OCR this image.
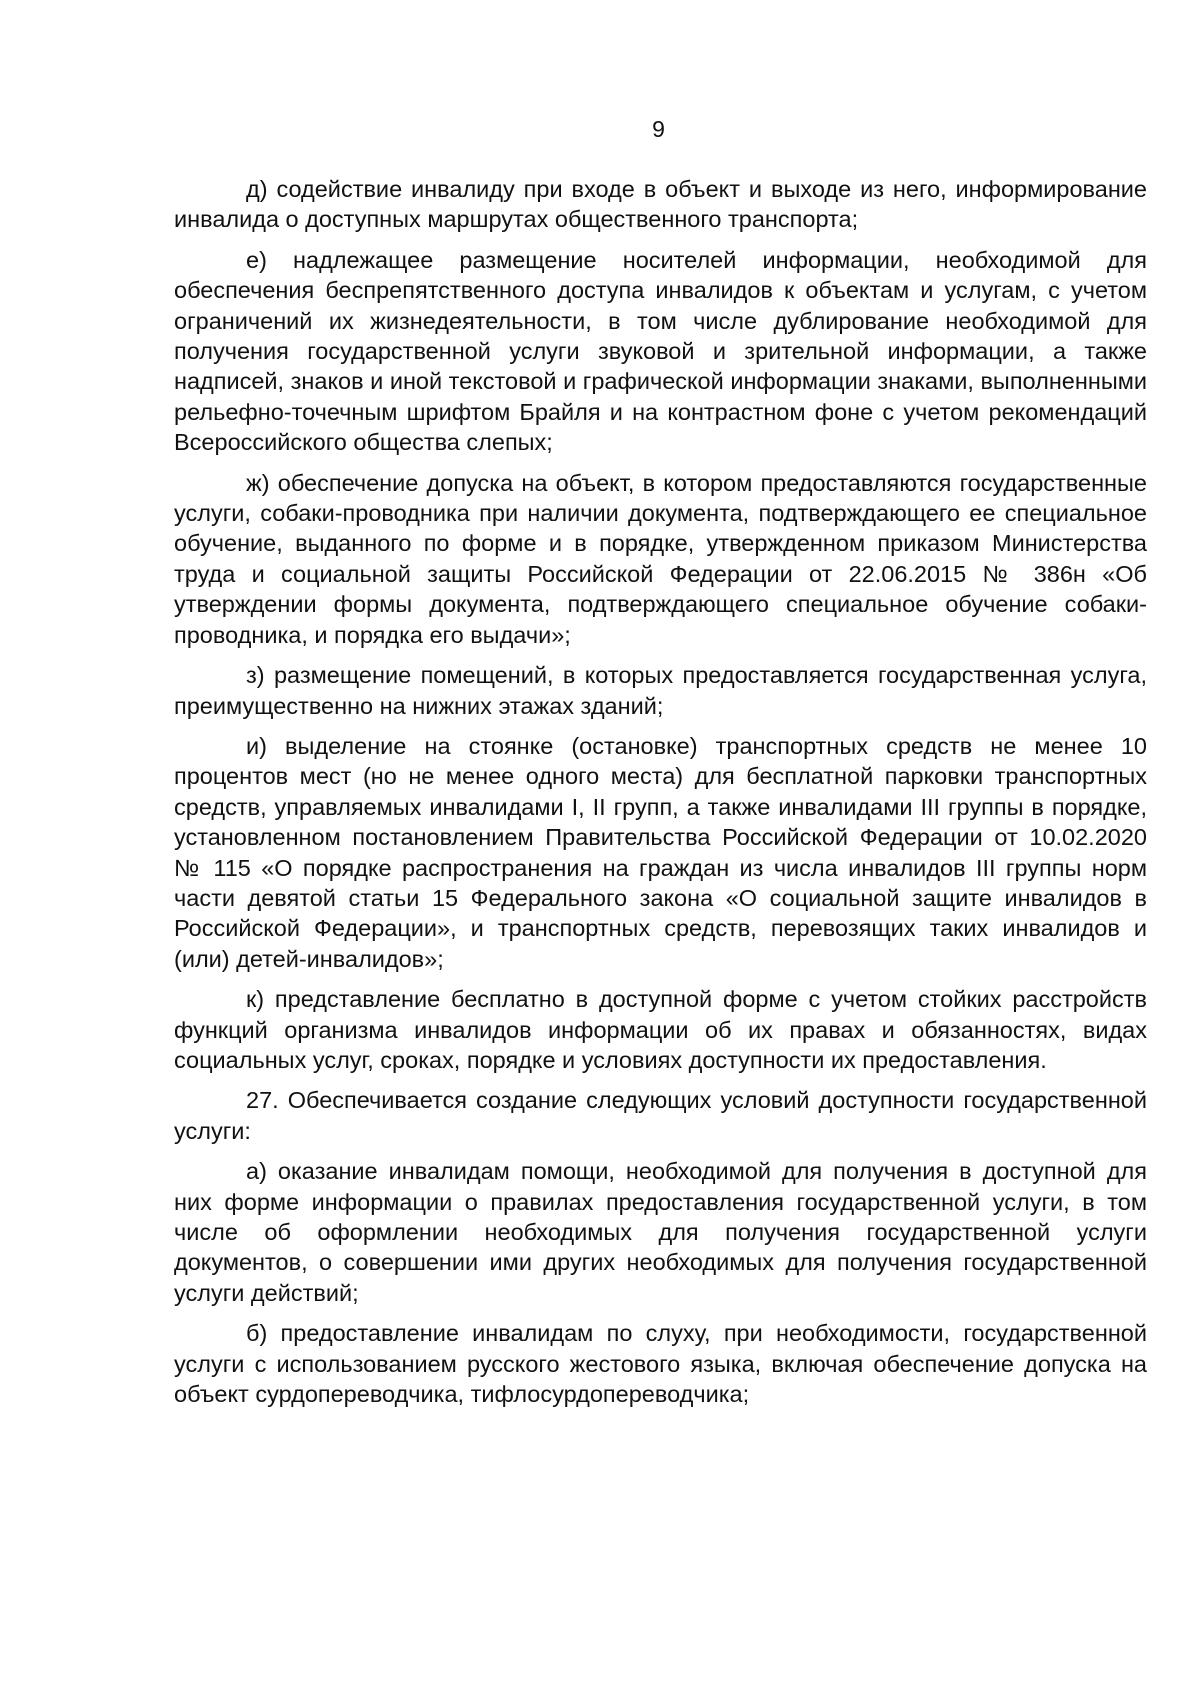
9

д) содействие инвалиду при входе в объект и выходе из него, информирование инвалида о доступных маршрутах общественного транспорта;

е) надлежащее размещение носителей информации, необходимой для обеспечения беспрепятственного доступа инвалидов к объектам и услугам, с учетом ограничений их жизнедеятельности, в том числе дублирование необходимой для получения государственной услуги звуковой и зрительной информации, а также надписей, знаков и иной текстовой и графической информации знаками, выполненными рельефно-точечным шрифтом Брайля и на контрастном фоне с учетом рекомендаций Всероссийского общества слепых;

ж) обеспечение допуска на объект, в котором предоставляются государственные услуги, собаки-проводника при наличии документа, подтверждающего ее специальное обучение, выданного по форме и в порядке, утвержденном приказом Министерства труда и социальной защиты Российской Федерации от 22.06.2015 № 386н «Об утверждении формы документа, подтверждающего специальное обучение собаки-проводника, и порядка его выдачи»;

з) размещение помещений, в которых предоставляется государственная услуга, преимущественно на нижних этажах зданий;

и) выделение на стоянке (остановке) транспортных средств не менее 10 процентов мест (но не менее одного места) для бесплатной парковки транспортных средств, управляемых инвалидами I, II групп, а также инвалидами III группы в порядке, установленном постановлением Правительства Российской Федерации от 10.02.2020 № 115 «О порядке распространения на граждан из числа инвалидов III группы норм части девятой статьи 15 Федерального закона «О социальной защите инвалидов в Российской Федерации», и транспортных средств, перевозящих таких инвалидов и (или) детей-инвалидов»;

к) представление бесплатно в доступной форме с учетом стойких расстройств функций организма инвалидов информации об их правах и обязанностях, видах социальных услуг, сроках, порядке и условиях доступности их предоставления.

27. Обеспечивается создание следующих условий доступности государственной услуги:

а) оказание инвалидам помощи, необходимой для получения в доступной для них форме информации о правилах предоставления государственной услуги, в том числе об оформлении необходимых для получения государственной услуги документов, о совершении ими других необходимых для получения государственной услуги действий;

б) предоставление инвалидам по слуху, при необходимости, государственной услуги с использованием русского жестового языка, включая обеспечение допуска на объект сурдопереводчика, тифлосурдопереводчика;
